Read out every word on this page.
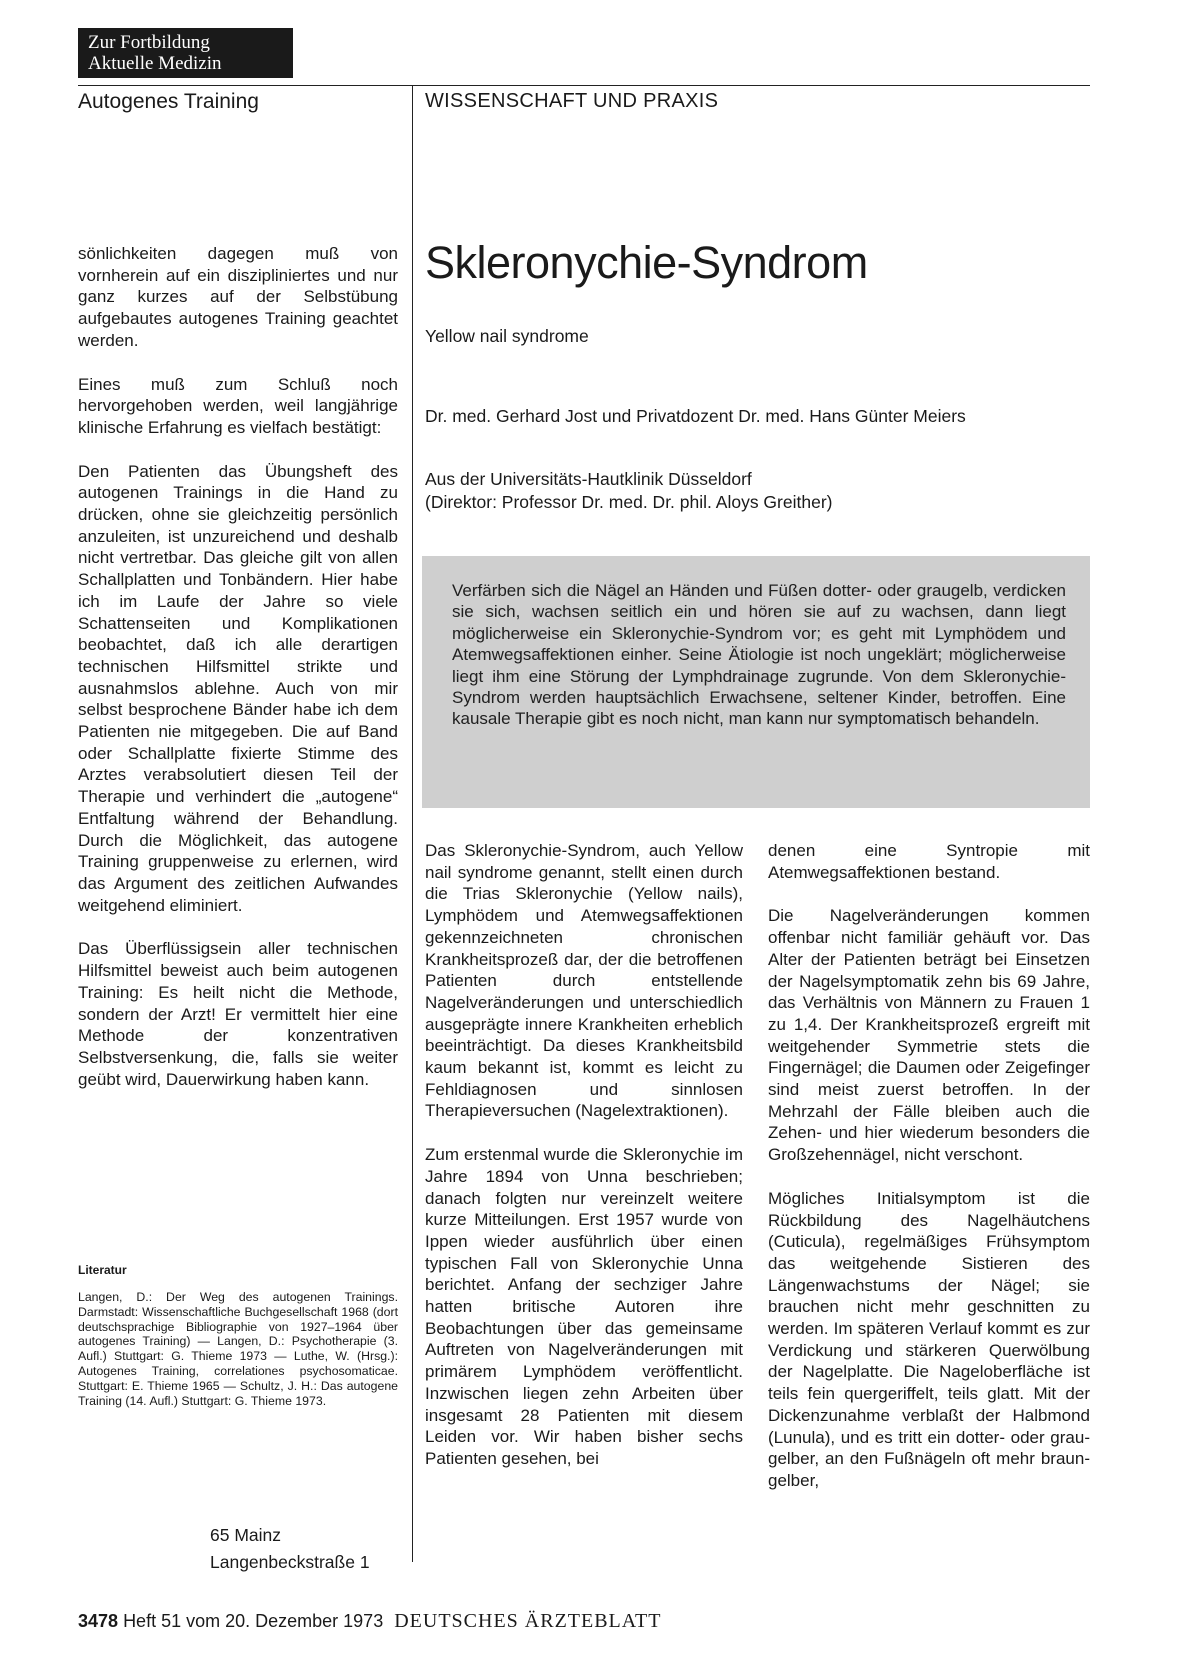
Zur Fortbildung
Aktuelle Medizin
Autogenes Training	WISSENSCHAFT UND PRAXIS

sönlichkeiten dagegen muß von vornherein auf ein diszipliniertes und nur ganz kurzes auf der Selbstübung aufgebautes autogenes Training geachtet werden.

Eines muß zum Schluß noch hervorgehoben werden, weil langjährige klinische Erfahrung es vielfach bestätigt:

Den Patienten das Übungsheft des autogenen Trainings in die Hand zu drücken, ohne sie gleichzeitig persönlich anzuleiten, ist unzureichend und deshalb nicht vertretbar. Das gleiche gilt von allen Schallplatten und Tonbändern. Hier habe ich im Laufe der Jahre so viele Schattenseiten und Komplikationen beobachtet, daß ich alle derartigen technischen Hilfsmittel strikte und ausnahmslos ablehne. Auch von mir selbst besprochene Bänder habe ich dem Patienten nie mitgegeben. Die auf Band oder Schallplatte fixierte Stimme des Arztes verabsolutiert diesen Teil der Therapie und verhindert die „autogene“ Entfaltung während der Behandlung. Durch die Möglichkeit, das autogene Training gruppenweise zu erlernen, wird das Argument des zeitlichen Aufwandes weitgehend eliminiert.

Das Überflüssigsein aller technischen Hilfsmittel beweist auch beim autogenen Training: Es heilt nicht die Methode, sondern der Arzt! Er vermittelt hier eine Methode der konzentrativen Selbstversenkung, die, falls sie weiter geübt wird, Dauerwirkung haben kann.

Literatur
Langen, D.: Der Weg des autogenen Trainings. Darmstadt: Wissenschaftliche Buchgesellschaft 1968 (dort deutschsprachige Bibliographie von 1927–1964 über autogenes Training) — Langen, D.: Psychotherapie (3. Aufl.) Stuttgart: G. Thieme 1973 — Luthe, W. (Hrsg.): Autogenes Training, correlationes psychosomaticae. Stuttgart: E. Thieme 1965 — Schultz, J. H.: Das autogene Training (14. Aufl.) Stuttgart: G. Thieme 1973.
65 Mainz
Langenbeckstraße 1
Skleronychie-Syndrom
Yellow nail syndrome
Dr. med. Gerhard Jost und Privatdozent Dr. med. Hans Günter Meiers
Aus der Universitäts-Hautklinik Düsseldorf
(Direktor: Professor Dr. med. Dr. phil. Aloys Greither)
Verfärben sich die Nägel an Händen und Füßen dotter- oder graugelb, verdicken sie sich, wachsen seitlich ein und hören sie auf zu wachsen, dann liegt möglicherweise ein Skleronychie-Syndrom vor; es geht mit Lymphödem und Atemwegsaffektionen einher. Seine Ätiologie ist noch ungeklärt; möglicherweise liegt ihm eine Störung der Lymphdrainage zugrunde. Von dem Skleronychie-Syndrom werden hauptsächlich Erwachsene, seltener Kinder, betroffen. Eine kausale Therapie gibt es noch nicht, man kann nur symptomatisch behandeln.

Das Skleronychie-Syndrom, auch Yellow nail syndrome genannt, stellt einen durch die Trias Skleronychie (Yellow nails), Lymphödem und Atemwegsaffektionen gekennzeichneten chronischen Krankheitsprozeß dar, der die betroffenen Patienten durch entstellende Nagelveränderungen und unterschiedlich ausgeprägte innere Krankheiten erheblich beeinträchtigt. Da dieses Krankheitsbild kaum bekannt ist, kommt es leicht zu Fehldiagnosen und sinnlosen Therapieversuchen (Nagelextraktionen).

Zum erstenmal wurde die Skleronychie im Jahre 1894 von Unna beschrieben; danach folgten nur vereinzelt weitere kurze Mitteilungen. Erst 1957 wurde von Ippen wieder ausführlich über einen typischen Fall von Skleronychie Unna berichtet. Anfang der sechziger Jahre hatten britische Autoren ihre Beobachtungen über das gemeinsame Auftreten von Nagelveränderungen mit primärem Lymphödem veröffentlicht. Inzwischen liegen zehn Arbeiten über insgesamt 28 Patienten mit diesem Leiden vor. Wir haben bisher sechs Patienten gesehen, bei

denen eine Syntropie mit Atemwegsaffektionen bestand.

Die Nagelveränderungen kommen offenbar nicht familiär gehäuft vor. Das Alter der Patienten beträgt bei Einsetzen der Nagelsymptomatik zehn bis 69 Jahre, das Verhältnis von Männern zu Frauen 1 zu 1,4. Der Krankheitsprozeß ergreift mit weitgehender Symmetrie stets die Fingernägel; die Daumen oder Zeigefinger sind meist zuerst betroffen. In der Mehrzahl der Fälle bleiben auch die Zehen- und hier wiederum besonders die Großzehennägel, nicht verschont.

Mögliches Initialsymptom ist die Rückbildung des Nagelhäutchens (Cuticula), regelmäßiges Frühsymptom das weitgehende Sistieren des Längenwachstums der Nägel; sie brauchen nicht mehr geschnitten zu werden. Im späteren Verlauf kommt es zur Verdickung und stärkeren Querwölbung der Nagelplatte. Die Nageloberfläche ist teils fein quergeriffelt, teils glatt. Mit der Dickenzunahme verblaßt der Halbmond (Lunula), und es tritt ein dotter- oder grau-gelber, an den Fußnägeln oft mehr braun-gelber,

3478 Heft 51 vom 20. Dezember 1973 DEUTSCHES ÄRZTEBLATT
